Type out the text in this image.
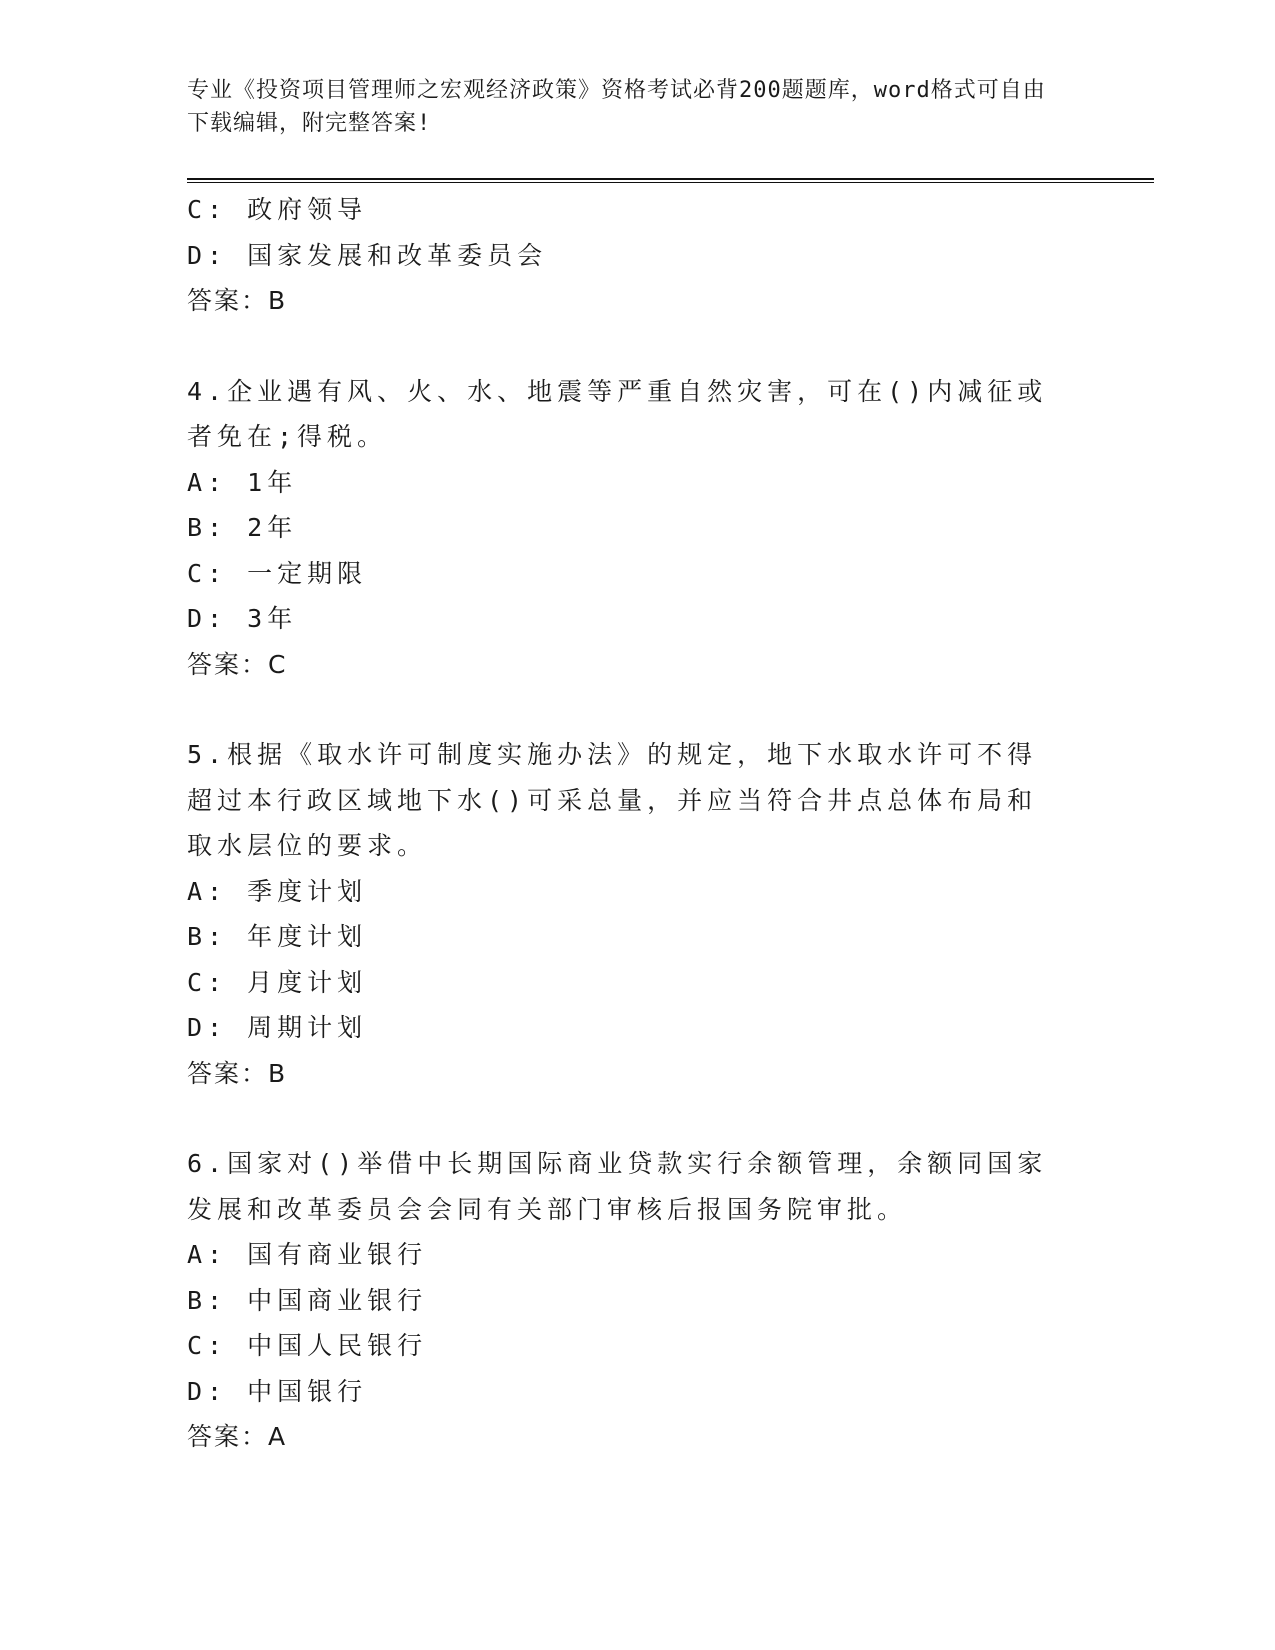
专业《投资项目管理师之宏观经济政策》资格考试必背200题题库，word格式可自由下载编辑，附完整答案!
C: 政府领导
D: 国家发展和改革委员会
答案：B
4.企业遇有风、火、水、地震等严重自然灾害，可在()内减征或者免在;得税。
A: 1年
B: 2年
C: 一定期限
D: 3年
答案：C
5.根据《取水许可制度实施办法》的规定，地下水取水许可不得超过本行政区域地下水()可采总量，并应当符合井点总体布局和取水层位的要求。
A: 季度计划
B: 年度计划
C: 月度计划
D: 周期计划
答案：B
6.国家对()举借中长期国际商业贷款实行余额管理，余额同国家发展和改革委员会会同有关部门审核后报国务院审批。
A: 国有商业银行
B: 中国商业银行
C: 中国人民银行
D: 中国银行
答案：A
